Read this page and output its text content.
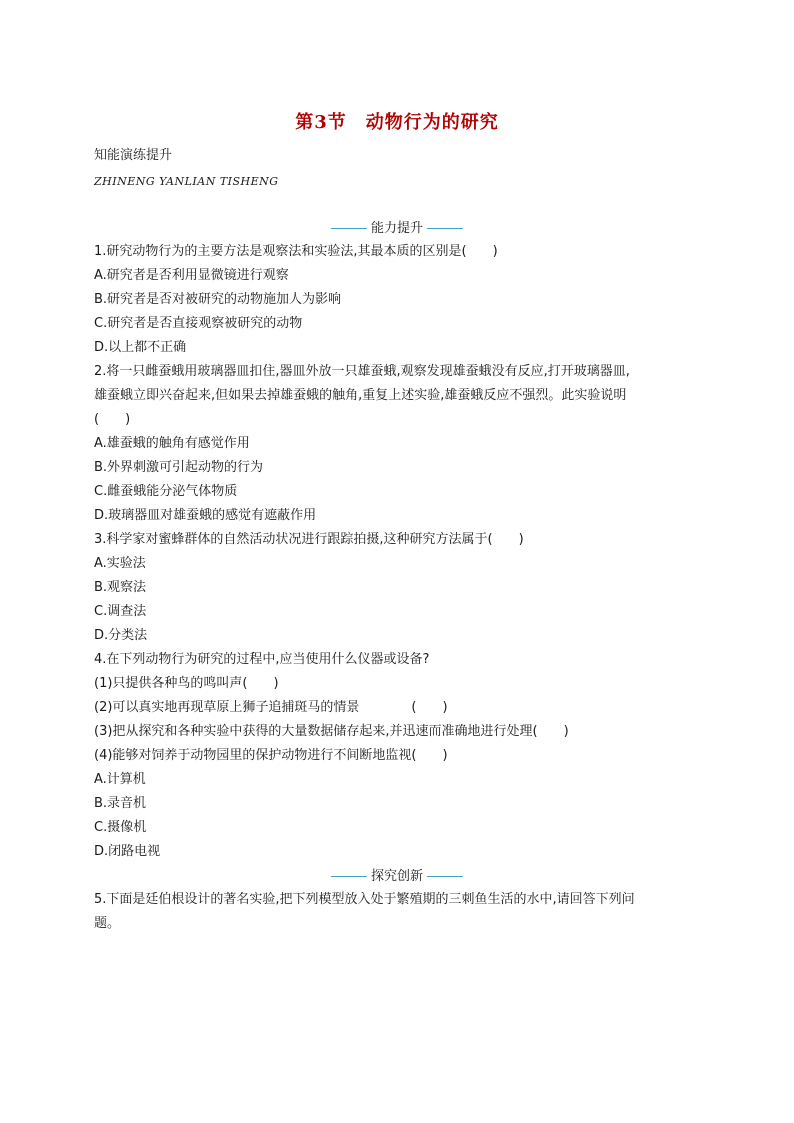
第3节　动物行为的研究
知能演练提升
ZHINENG YANLIAN TISHENG
能力提升
1.研究动物行为的主要方法是观察法和实验法,其最本质的区别是(　　)
A.研究者是否利用显微镜进行观察
B.研究者是否对被研究的动物施加人为影响
C.研究者是否直接观察被研究的动物
D.以上都不正确
2.将一只雌蚕蛾用玻璃器皿扣住,器皿外放一只雄蚕蛾,观察发现雄蚕蛾没有反应,打开玻璃器皿,
雄蚕蛾立即兴奋起来,但如果去掉雄蚕蛾的触角,重复上述实验,雄蚕蛾反应不强烈。此实验说明
(　　)
A.雄蚕蛾的触角有感觉作用
B.外界刺激可引起动物的行为
C.雌蚕蛾能分泌气体物质
D.玻璃器皿对雄蚕蛾的感觉有遮蔽作用
3.科学家对蜜蜂群体的自然活动状况进行跟踪拍摄,这种研究方法属于(　　)
A.实验法
B.观察法
C.调查法
D.分类法
4.在下列动物行为研究的过程中,应当使用什么仪器或设备?
(1)只提供各种鸟的鸣叫声(　　)
(2)可以真实地再现草原上狮子追捕斑马的情景　　　　(　　)
(3)把从探究和各种实验中获得的大量数据储存起来,并迅速而准确地进行处理(　　)
(4)能够对饲养于动物园里的保护动物进行不间断地监视(　　)
A.计算机
B.录音机
C.摄像机
D.闭路电视
探究创新
5.下面是廷伯根设计的著名实验,把下列模型放入处于繁殖期的三刺鱼生活的水中,请回答下列问
题。
